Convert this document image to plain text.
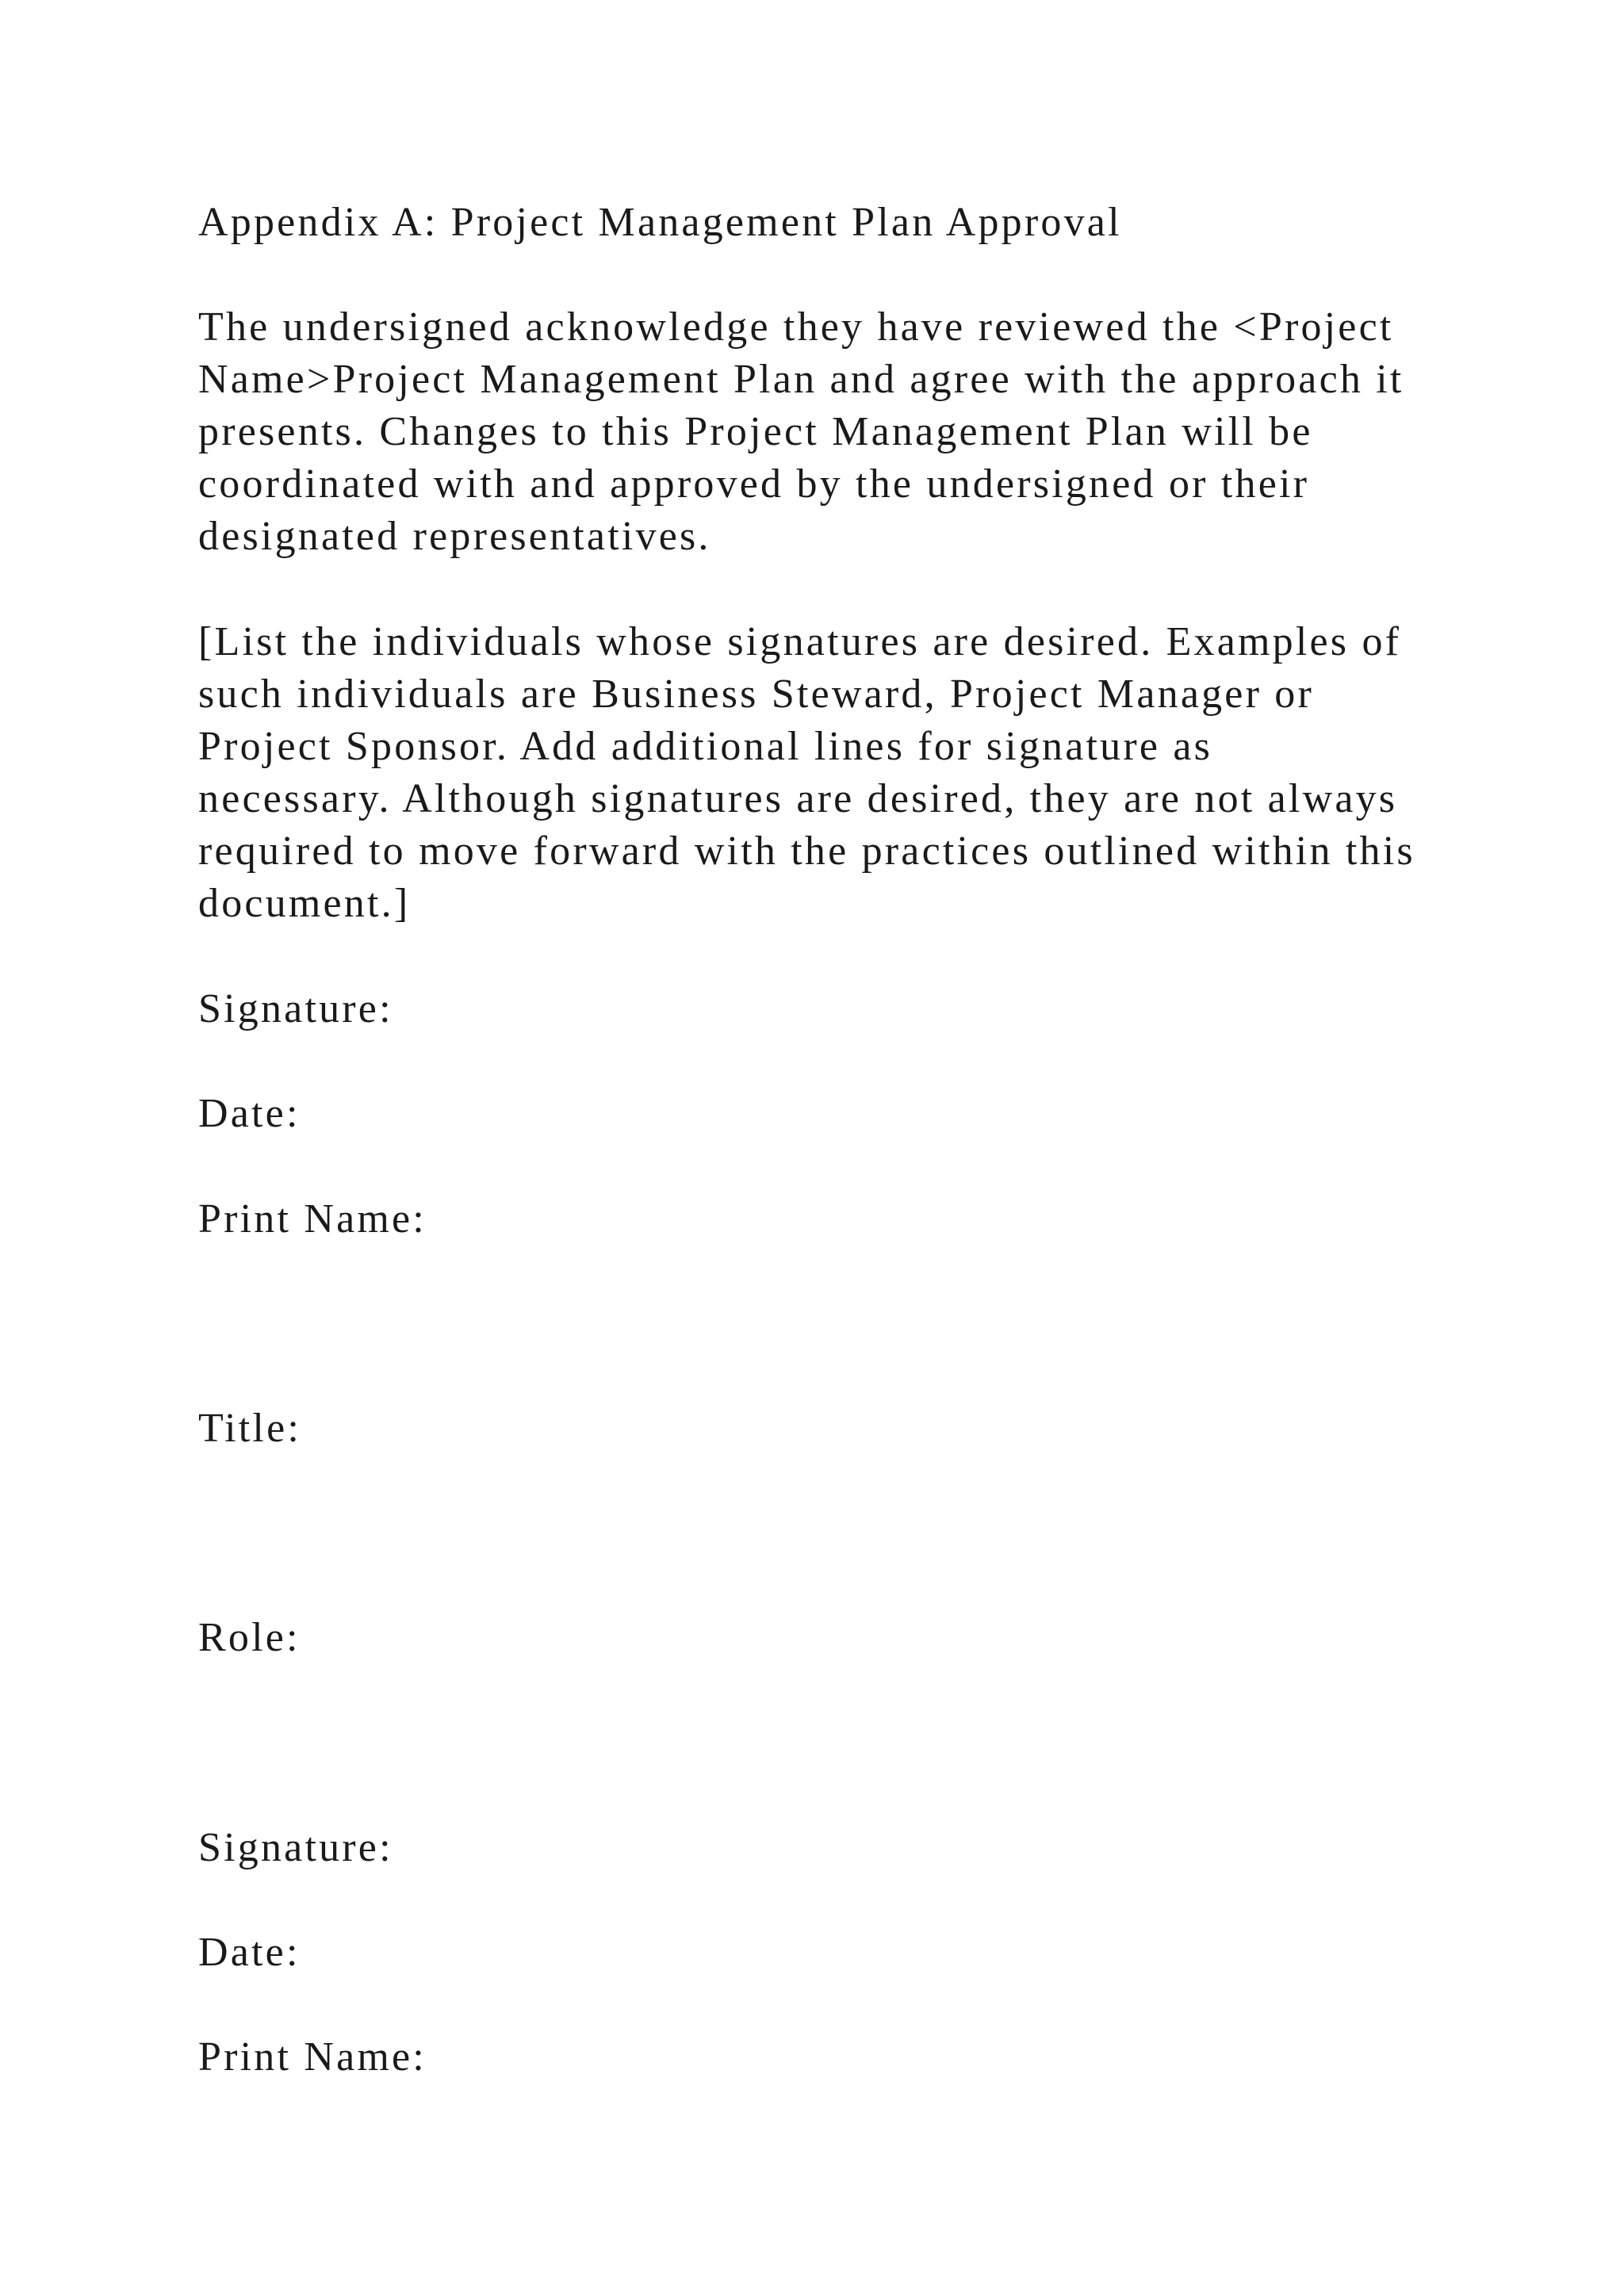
Appendix A: Project Management Plan Approval

The undersigned acknowledge they have reviewed the <Project
Name>Project Management Plan and agree with the approach it
presents. Changes to this Project Management Plan will be
coordinated with and approved by the undersigned or their
designated representatives.
[List the individuals whose signatures are desired. Examples of
such individuals are Business Steward, Project Manager or
Project Sponsor. Add additional lines for signature as
necessary. Although signatures are desired, they are not always
required to move forward with the practices outlined within this
document.]

Signature:

Date:

Print Name:

Title:

Role:

Signature:

Date:

Print Name:
